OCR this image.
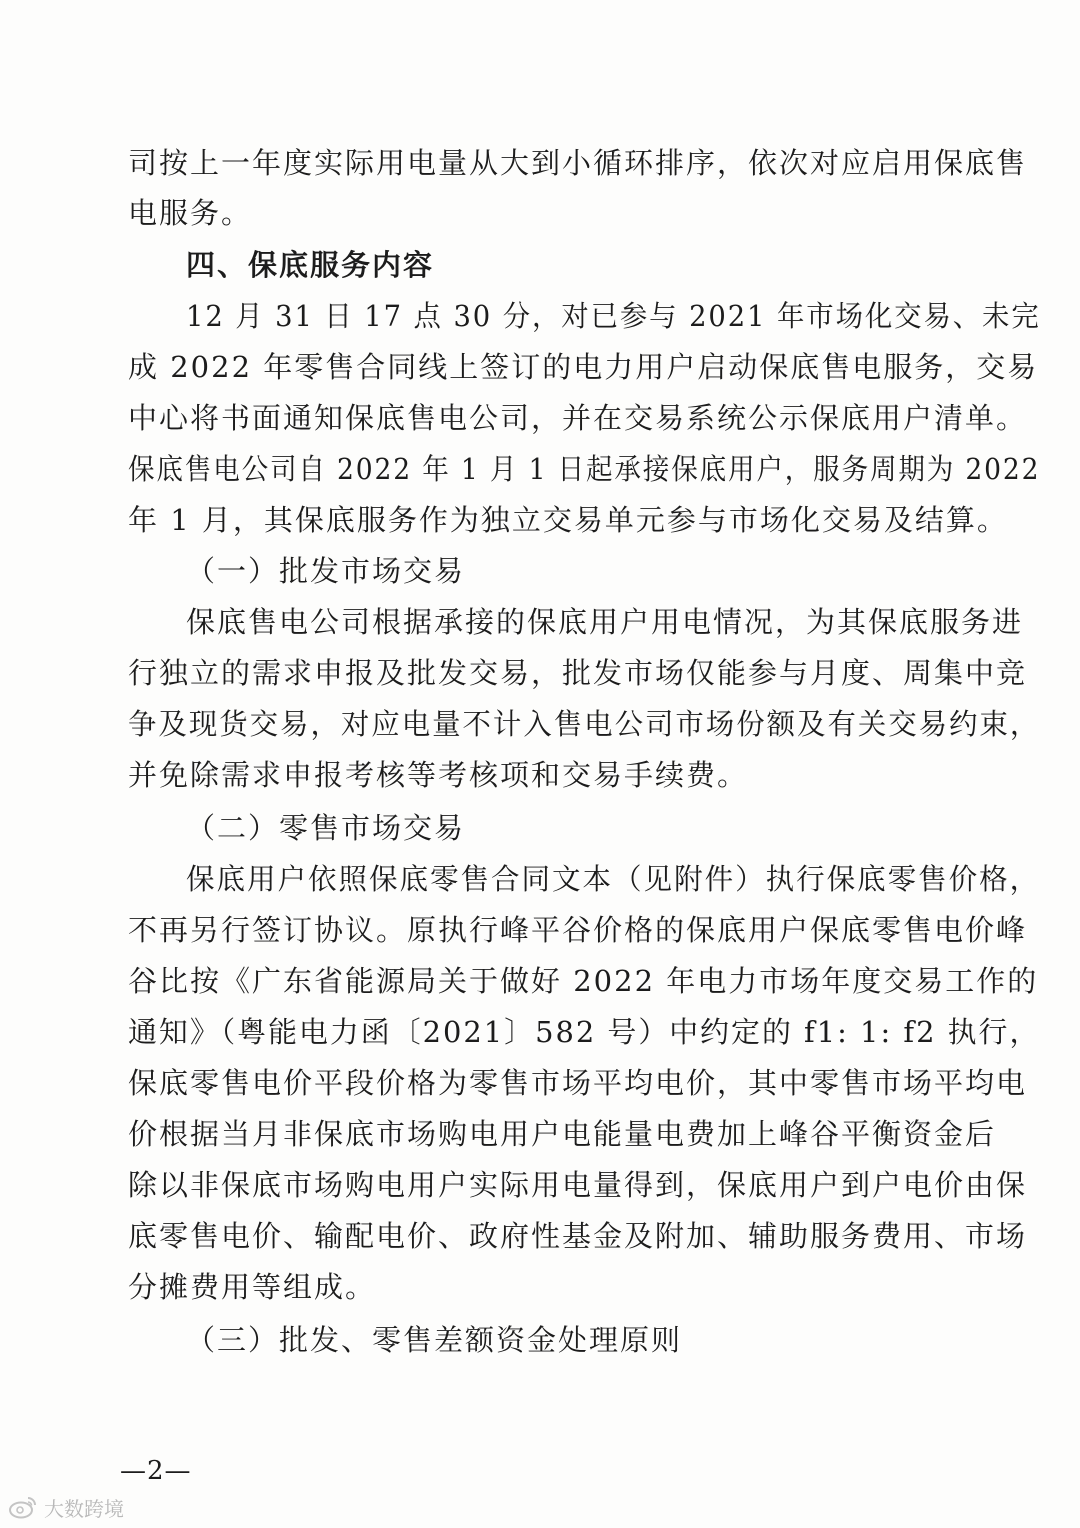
司按上一年度实际用电量从大到小循环排序，依次对应启用保底售
电服务。
四、保底服务内容
12 月 31 日 17 点 30 分，对已参与 2021 年市场化交易、未完
成 2022 年零售合同线上签订的电力用户启动保底售电服务，交易
中心将书面通知保底售电公司，并在交易系统公示保底用户清单。
保底售电公司自 2022 年 1 月 1 日起承接保底用户，服务周期为 2022
年 1 月，其保底服务作为独立交易单元参与市场化交易及结算。
（一）批发市场交易
保底售电公司根据承接的保底用户用电情况，为其保底服务进
行独立的需求申报及批发交易，批发市场仅能参与月度、周集中竞
争及现货交易，对应电量不计入售电公司市场份额及有关交易约束，
并免除需求申报考核等考核项和交易手续费。
（二）零售市场交易
保底用户依照保底零售合同文本（见附件）执行保底零售价格，
不再另行签订协议。原执行峰平谷价格的保底用户保底零售电价峰
谷比按《广东省能源局关于做好 2022 年电力市场年度交易工作的
通知》（粤能电力函〔2021〕582 号）中约定的 f1: 1: f2 执行，
保底零售电价平段价格为零售市场平均电价，其中零售市场平均电
价根据当月非保底市场购电用户电能量电费加上峰谷平衡资金后
除以非保底市场购电用户实际用电量得到，保底用户到户电价由保
底零售电价、输配电价、政府性基金及附加、辅助服务费用、市场
分摊费用等组成。
（三）批发、零售差额资金处理原则
—2—
大数跨境
